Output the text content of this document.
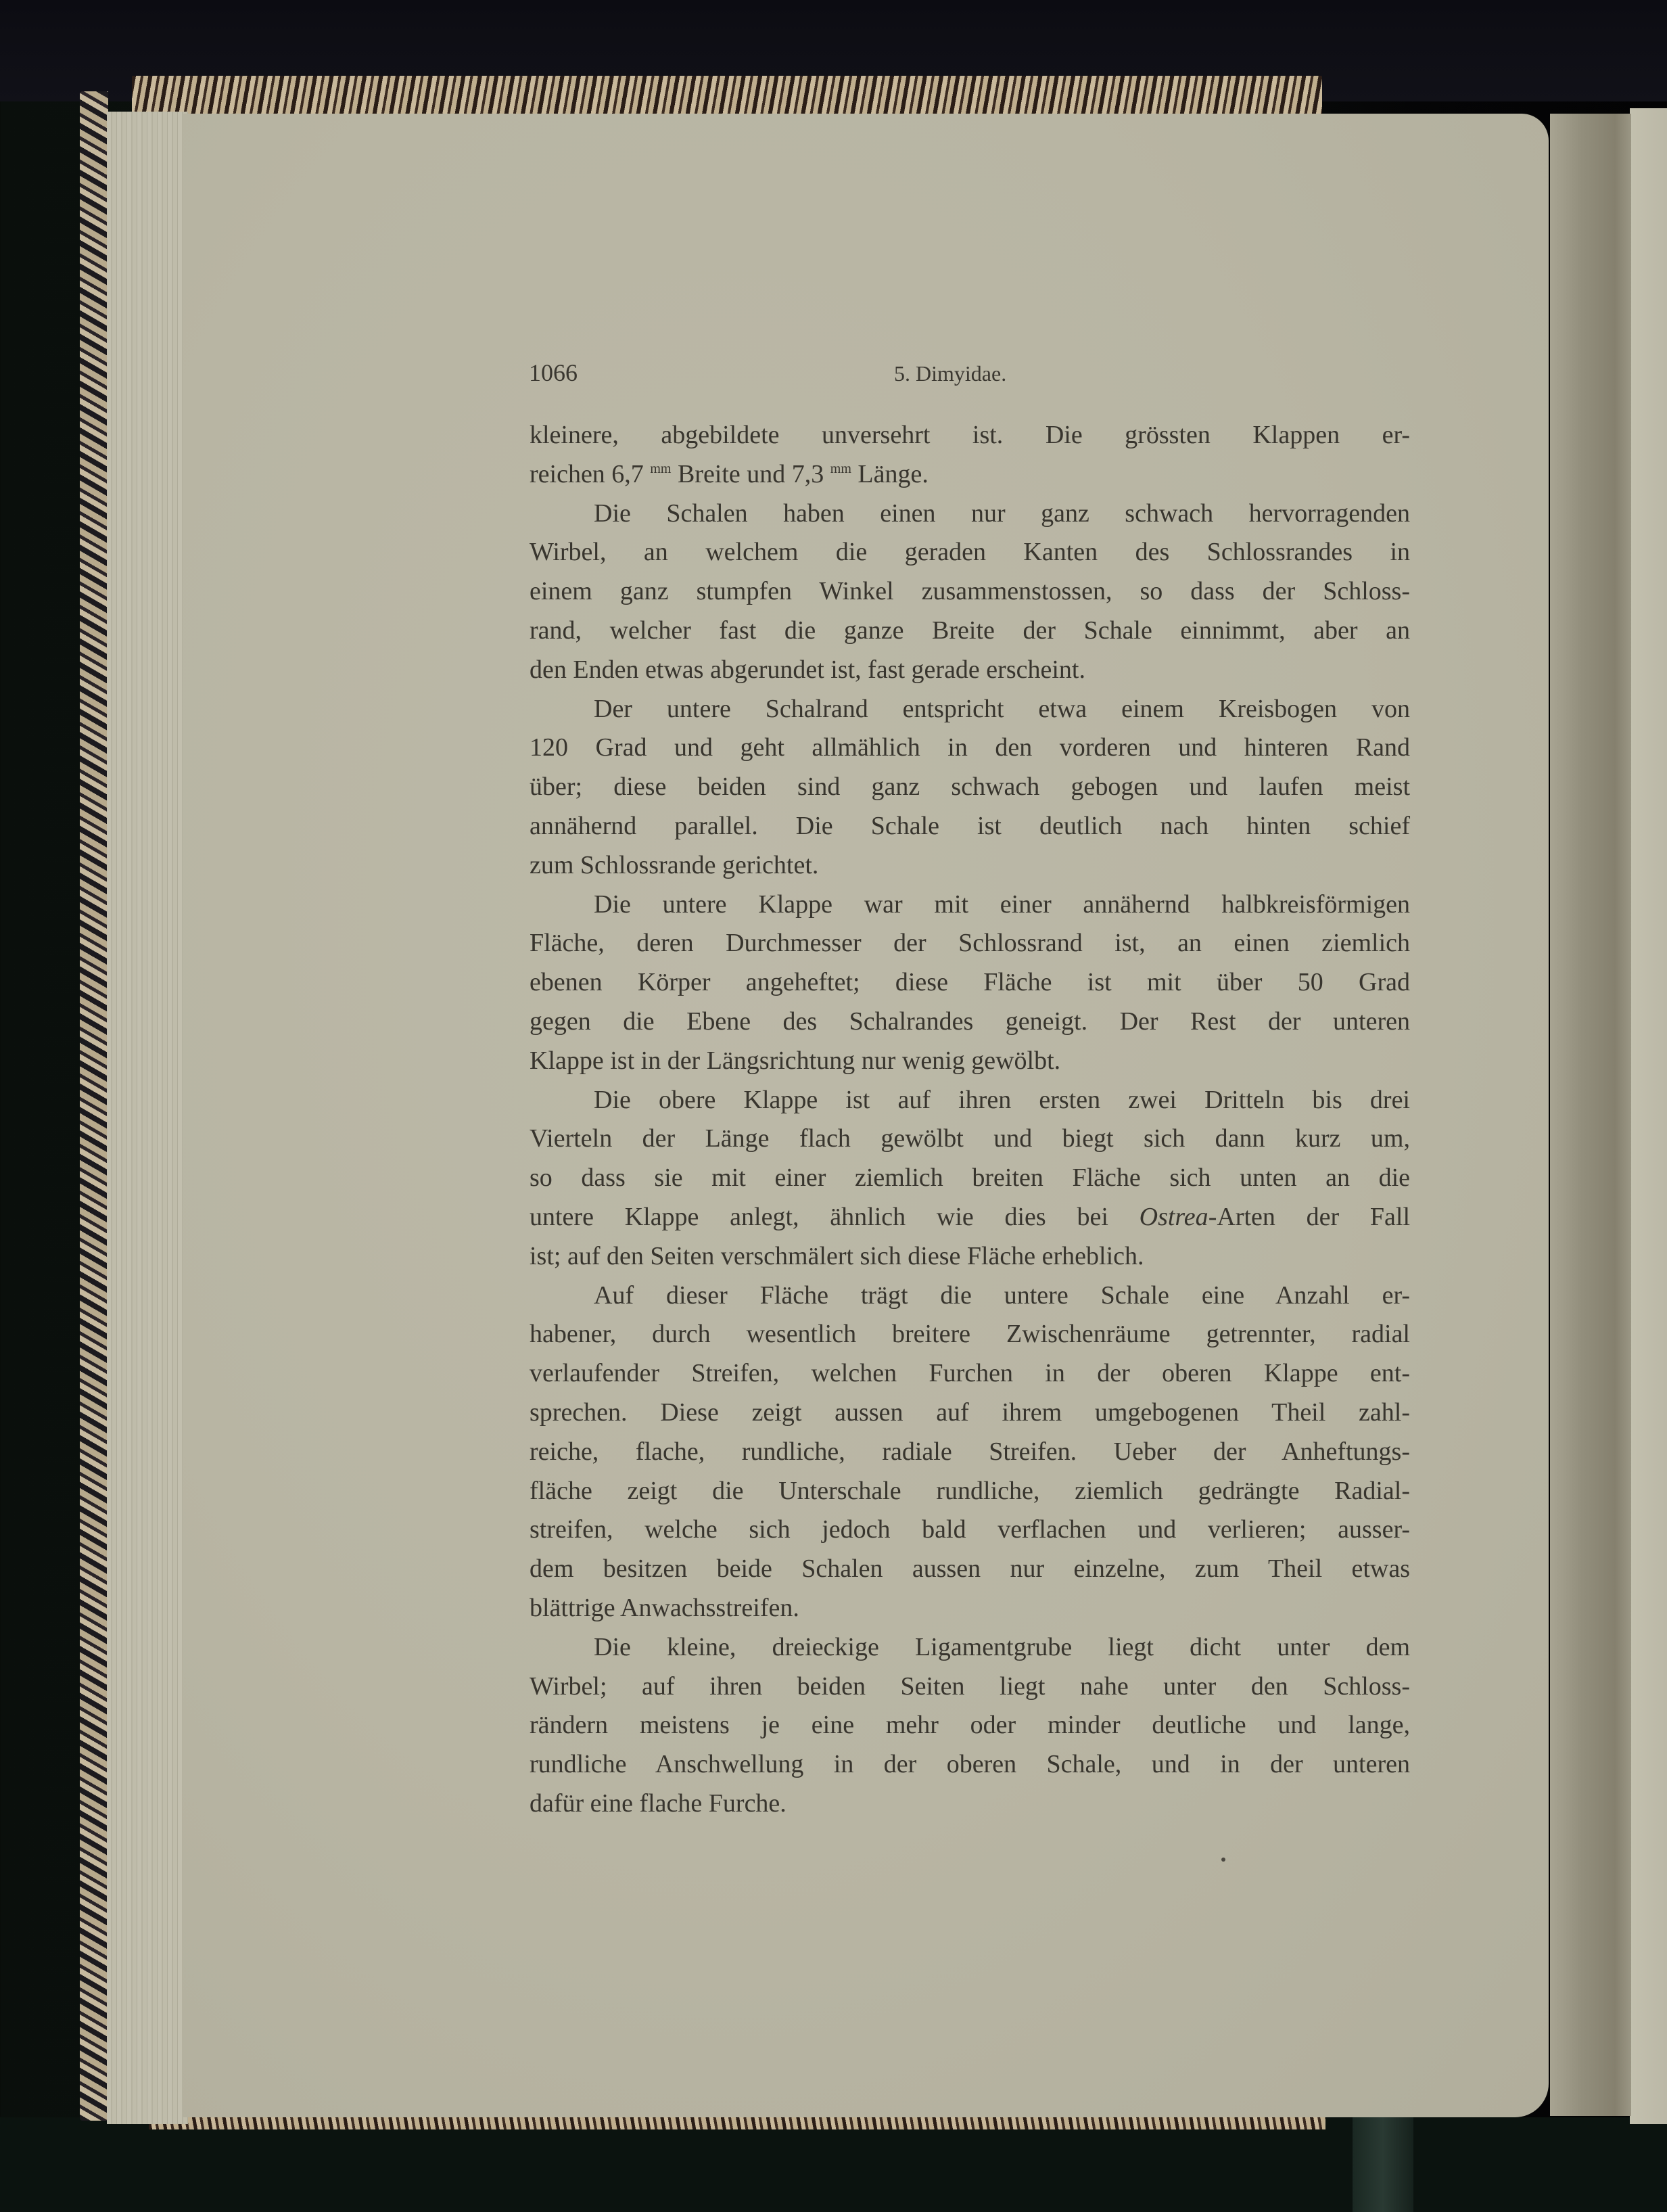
1066	5. Dimyidae.
kleinere, abgebildete unversehrt ist. Die grössten Klappen er-
reichen 6,7 $^{mm}$ Breite und 7,3 $^{mm}$ Länge.
Die Schalen haben einen nur ganz schwach hervorragenden
Wirbel, an welchem die geraden Kanten des Schlossrandes in
einem ganz stumpfen Winkel zusammenstossen, so dass der Schloss-
rand, welcher fast die ganze Breite der Schale einnimmt, aber an
den Enden etwas abgerundet ist, fast gerade erscheint.
Der untere Schalrand entspricht etwa einem Kreisbogen von
120 Grad und geht allmählich in den vorderen und hinteren Rand
über; diese beiden sind ganz schwach gebogen und laufen meist
annähernd parallel. Die Schale ist deutlich nach hinten schief
zum Schlossrande gerichtet.
Die untere Klappe war mit einer annähernd halbkreisförmigen
Fläche, deren Durchmesser der Schlossrand ist, an einen ziemlich
ebenen Körper angeheftet; diese Fläche ist mit über 50 Grad
gegen die Ebene des Schalrandes geneigt. Der Rest der unteren
Klappe ist in der Längsrichtung nur wenig gewölbt.
Die obere Klappe ist auf ihren ersten zwei Dritteln bis drei
Vierteln der Länge flach gewölbt und biegt sich dann kurz um,
so dass sie mit einer ziemlich breiten Fläche sich unten an die
untere Klappe anlegt, ähnlich wie dies bei Ostrea-Arten der Fall
ist; auf den Seiten verschmälert sich diese Fläche erheblich.
Auf dieser Fläche trägt die untere Schale eine Anzahl er-
habener, durch wesentlich breitere Zwischenräume getrennter, radial
verlaufender Streifen, welchen Furchen in der oberen Klappe ent-
sprechen. Diese zeigt aussen auf ihrem umgebogenen Theil zahl-
reiche, flache, rundliche, radiale Streifen. Ueber der Anheftungs-
fläche zeigt die Unterschale rundliche, ziemlich gedrängte Radial-
streifen, welche sich jedoch bald verflachen und verlieren; ausser-
dem besitzen beide Schalen aussen nur einzelne, zum Theil etwas
blättrige Anwachsstreifen.
Die kleine, dreieckige Ligamentgrube liegt dicht unter dem
Wirbel; auf ihren beiden Seiten liegt nahe unter den Schloss-
rändern meistens je eine mehr oder minder deutliche und lange,
rundliche Anschwellung in der oberen Schale, und in der unteren
dafür eine flache Furche.
